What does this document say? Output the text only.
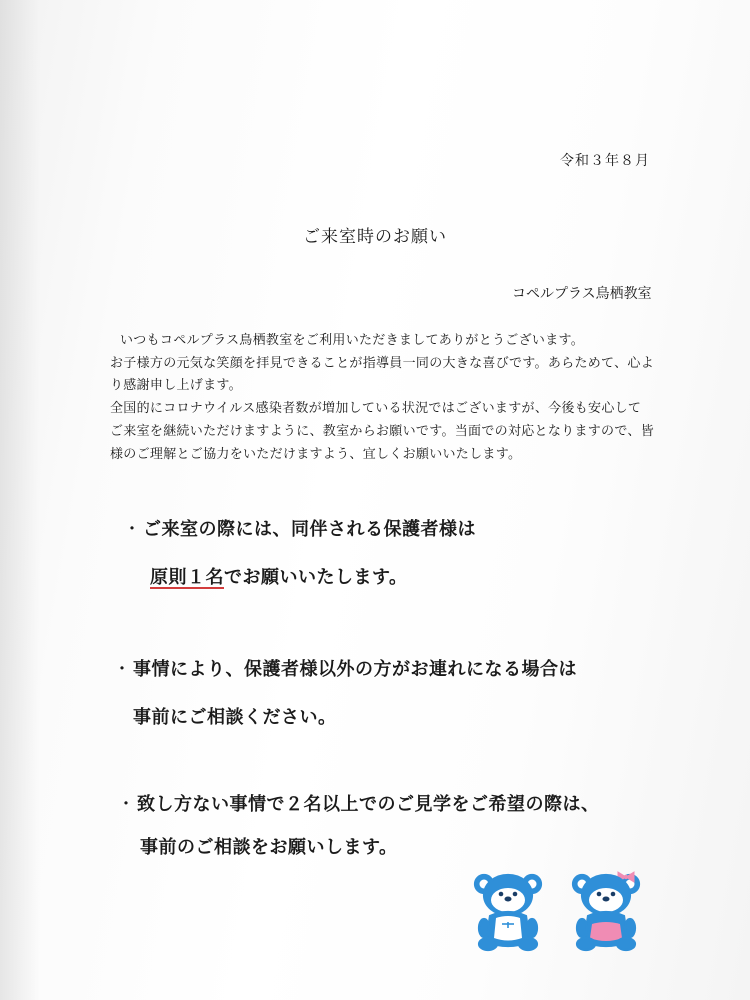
令和３年８月
ご来室時のお願い
コペルプラス鳥栖教室

いつもコペルプラス鳥栖教室をご利用いただきましてありがとうございます。

お子様方の元気な笑顔を拝見できることが指導員一同の大きな喜びです。あらためて、心よ

り感謝申し上げます。

全国的にコロナウイルス感染者数が増加している状況ではございますが、今後も安心して

ご来室を継続いただけますように、教室からお願いです。当面での対応となりますので、皆

様のご理解とご協力をいただけますよう、宜しくお願いいたします。

・ご来室の際には、同伴される保護者様は
原則１名でお願いいたします。
・事情により、保護者様以外の方がお連れになる場合は
事前にご相談ください。
・致し方ない事情で２名以上でのご見学をご希望の際は、
事前のご相談をお願いします。
